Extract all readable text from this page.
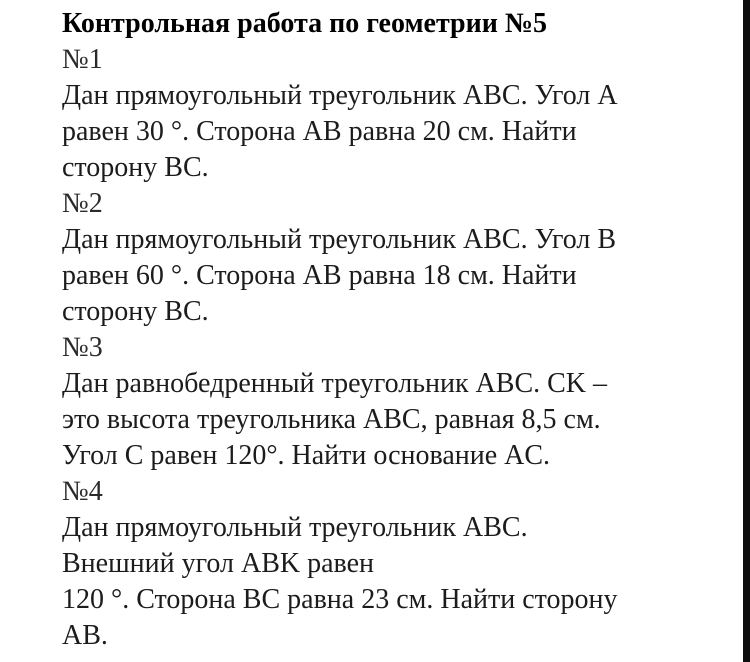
Контрольная работа по геометрии №5

№1

Дан прямоугольный треугольник ABC. Угол A

равен 30 °. Сторона AB равна 20 см. Найти

сторону BC.

№2

Дан прямоугольный треугольник ABC. Угол B

равен 60 °. Сторона AB равна 18 см. Найти

сторону BC.

№3

Дан равнобедренный треугольник ABC. CK –

это высота треугольника ABC, равная 8,5 см.

Угол C равен 120°. Найти основание AC.

№4

Дан прямоугольный треугольник ABC.

Внешний угол ABK равен

120 °. Сторона BC равна 23 см. Найти сторону

AB.
